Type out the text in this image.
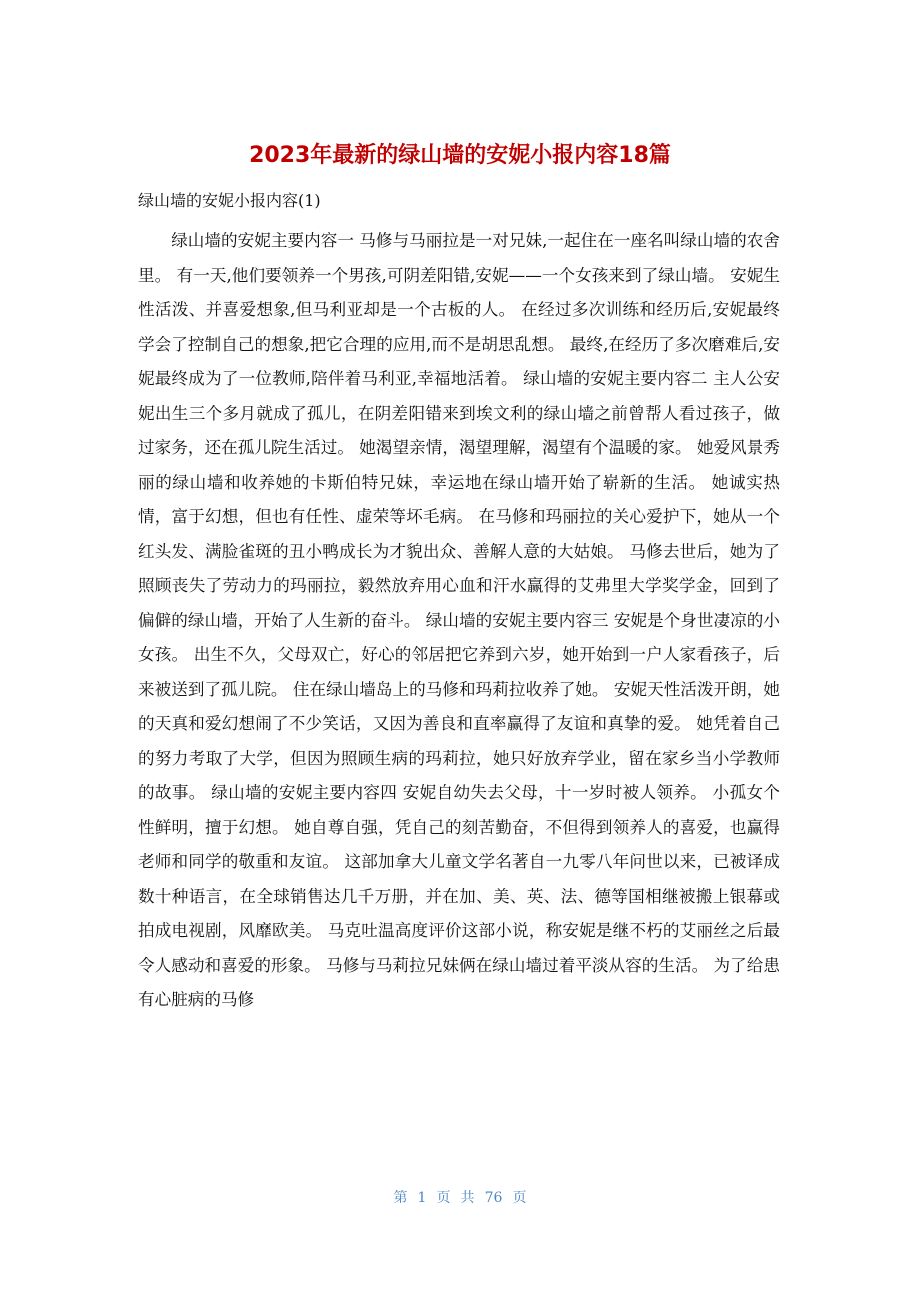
2023年最新的绿山墙的安妮小报内容18篇

绿山墙的安妮小报内容(1)

绿山墙的安妮主要内容一 马修与马丽拉是一对兄妹,一起住在一座名叫绿山墙的农舍里。 有一天,他们要领养一个男孩,可阴差阳错,安妮——一个女孩来到了绿山墙。 安妮生性活泼、并喜爱想象,但马利亚却是一个古板的人。 在经过多次训练和经历后,安妮最终学会了控制自己的想象,把它合理的应用,而不是胡思乱想。 最终,在经历了多次磨难后,安妮最终成为了一位教师,陪伴着马利亚,幸福地活着。 绿山墙的安妮主要内容二 主人公安妮出生三个多月就成了孤儿，在阴差阳错来到埃文利的绿山墙之前曾帮人看过孩子，做过家务，还在孤儿院生活过。 她渴望亲情，渴望理解，渴望有个温暖的家。 她爱风景秀丽的绿山墙和收养她的卡斯伯特兄妹，幸运地在绿山墙开始了崭新的生活。 她诚实热情，富于幻想，但也有任性、虚荣等坏毛病。 在马修和玛丽拉的关心爱护下，她从一个红头发、满脸雀斑的丑小鸭成长为才貌出众、善解人意的大姑娘。 马修去世后，她为了照顾丧失了劳动力的玛丽拉，毅然放弃用心血和汗水赢得的艾弗里大学奖学金，回到了偏僻的绿山墙，开始了人生新的奋斗。 绿山墙的安妮主要内容三 安妮是个身世凄凉的小女孩。 出生不久，父母双亡，好心的邻居把它养到六岁，她开始到一户人家看孩子，后来被送到了孤儿院。 住在绿山墙岛上的马修和玛莉拉收养了她。 安妮天性活泼开朗，她的天真和爱幻想闹了不少笑话，又因为善良和直率赢得了友谊和真挚的爱。 她凭着自己的努力考取了大学，但因为照顾生病的玛莉拉，她只好放弃学业，留在家乡当小学教师的故事。 绿山墙的安妮主要内容四 安妮自幼失去父母，十一岁时被人领养。 小孤女个性鲜明，擅于幻想。 她自尊自强，凭自己的刻苦勤奋，不但得到领养人的喜爱，也赢得老师和同学的敬重和友谊。 这部加拿大儿童文学名著自一九零八年问世以来，已被译成数十种语言，在全球销售达几千万册，并在加、美、英、法、德等国相继被搬上银幕或拍成电视剧，风靡欧美。 马克吐温高度评价这部小说，称安妮是继不朽的艾丽丝之后最令人感动和喜爱的形象。 马修与马莉拉兄妹俩在绿山墙过着平淡从容的生活。 为了给患有心脏病的马修

第 1 页 共 76 页
